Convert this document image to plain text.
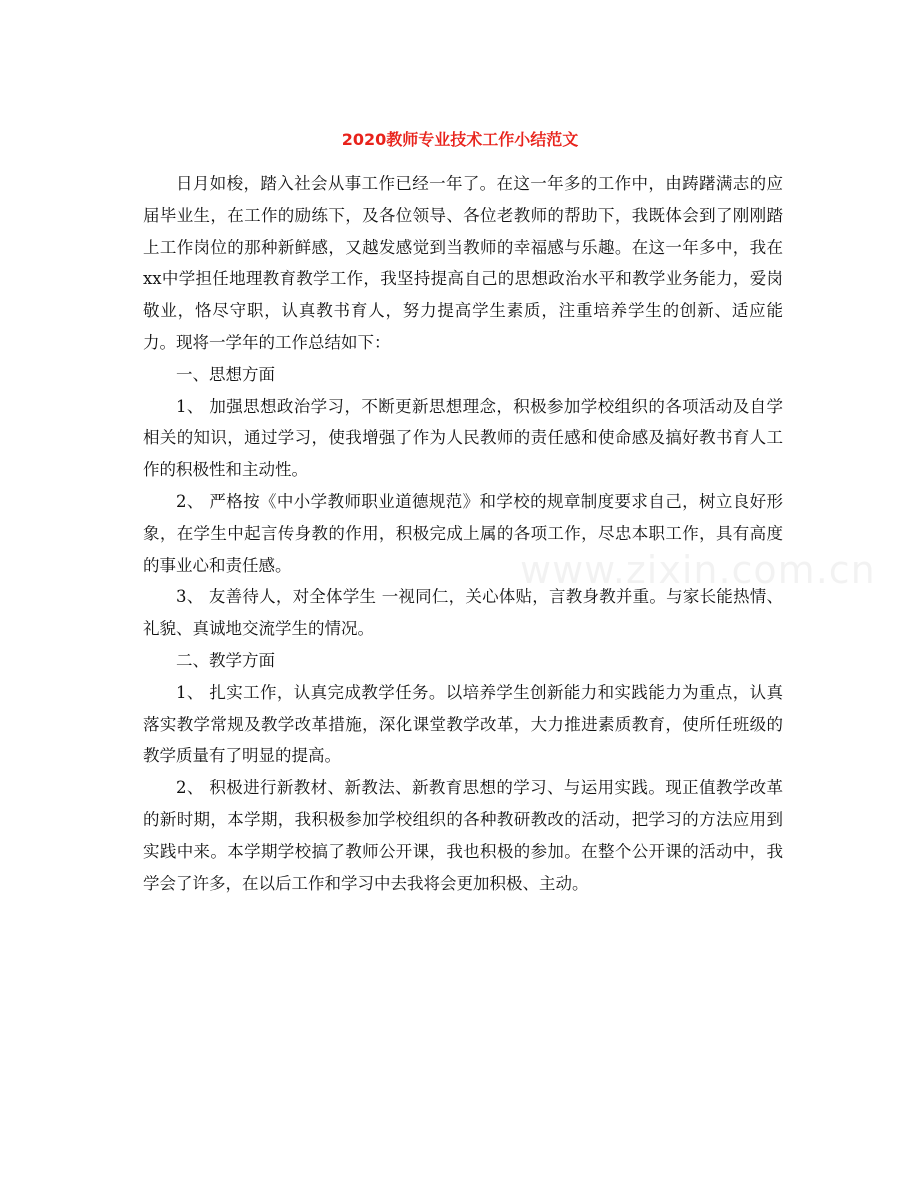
2020教师专业技术工作小结范文

日月如梭，踏入社会从事工作已经一年了。在这一年多的工作中，由踌躇满志的应届毕业生，在工作的励练下，及各位领导、各位老教师的帮助下，我既体会到了刚刚踏上工作岗位的那种新鲜感，又越发感觉到当教师的幸福感与乐趣。在这一年多中，我在xx中学担任地理教育教学工作，我坚持提高自己的思想政治水平和教学业务能力，爱岗敬业，恪尽守职，认真教书育人，努力提高学生素质，注重培养学生的创新、适应能力。现将一学年的工作总结如下：

一、思想方面

1、 加强思想政治学习，不断更新思想理念，积极参加学校组织的各项活动及自学相关的知识，通过学习，使我增强了作为人民教师的责任感和使命感及搞好教书育人工作的积极性和主动性。

2、 严格按《中小学教师职业道德规范》和学校的规章制度要求自己，树立良好形象，在学生中起言传身教的作用，积极完成上属的各项工作，尽忠本职工作，具有高度的事业心和责任感。

3、 友善待人，对全体学生 一视同仁，关心体贴，言教身教并重。与家长能热情、礼貌、真诚地交流学生的情况。

二、教学方面

1、 扎实工作，认真完成教学任务。以培养学生创新能力和实践能力为重点，认真落实教学常规及教学改革措施，深化课堂教学改革，大力推进素质教育，使所任班级的教学质量有了明显的提高。

2、 积极进行新教材、新教法、新教育思想的学习、与运用实践。现正值教学改革的新时期，本学期，我积极参加学校组织的各种教研教改的活动，把学习的方法应用到实践中来。本学期学校搞了教师公开课，我也积极的参加。在整个公开课的活动中，我学会了许多，在以后工作和学习中去我将会更加积极、主动。

www.zixin.com.cn
